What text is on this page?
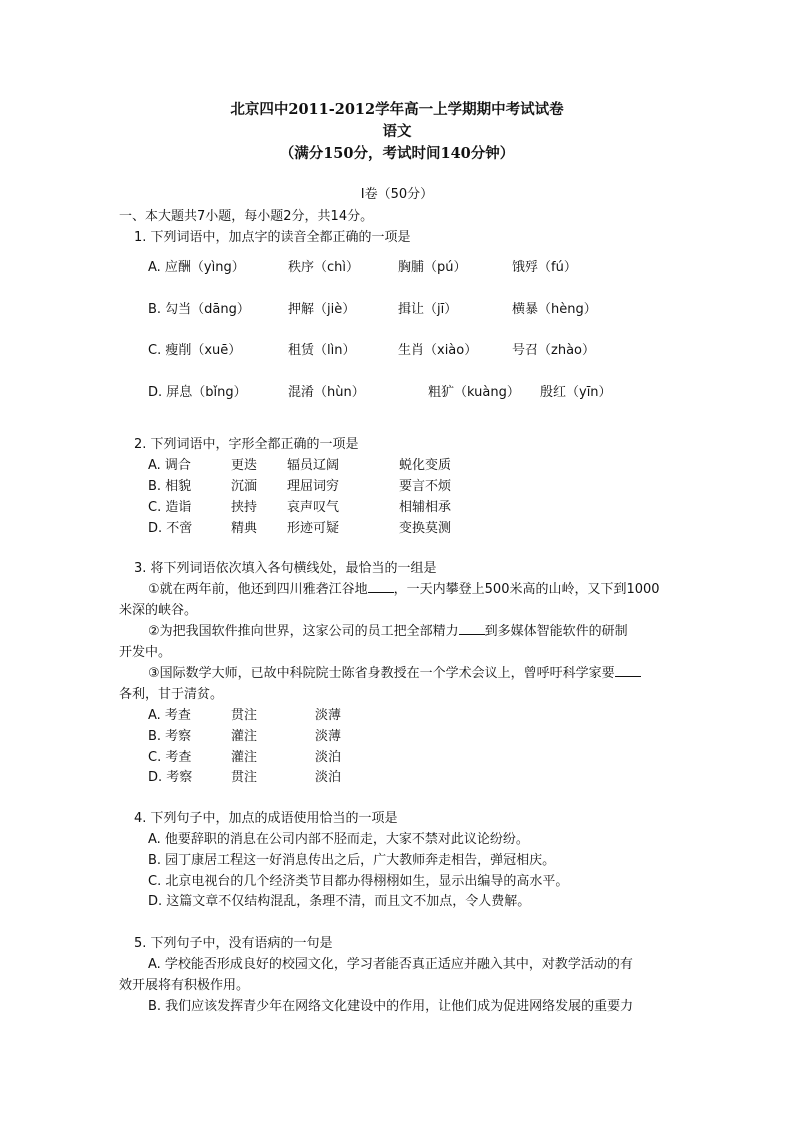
北京四中2011-2012学年高一上学期期中考试试卷
语文
（满分150分，考试时间140分钟）
Ⅰ卷（50分）
一、本大题共7小题，每小题2分，共14分。
1. 下列词语中，加点字的读音全都正确的一项是
A. 应酬（yìng）	秩序（chì）	胸脯（pú）	饿殍（fú）
B. 勾当（dāng）	押解（jiè）	揖让（jī）	横暴（hèng）
C. 瘦削（xuē）	租赁（lìn）	生肖（xiào）	号召（zhào）
D. 屏息（bǐng）	混淆（hùn）	粗犷（kuàng） 殷红（yīn）
2. 下列词语中，字形全都正确的一项是
A. 调合	更迭 辐员辽阔	蜕化变质
B. 相貌	沉湎 理屈词穷	要言不烦
C. 造诣	挟持 哀声叹气	相辅相承
D. 不啻	精典 形迹可疑	变换莫测
3. 将下列词语依次填入各句横线处，最恰当的一组是
①就在两年前，他还到四川雅砻江谷地 ，一天内攀登上500米高的山岭，又下到1000
米深的峡谷。
②为把我国软件推向世界，这家公司的员工把全部精力 到多媒体智能软件的研制
开发中。
③国际数学大师，已故中科院院士陈省身教授在一个学术会议上，曾呼吁科学家要
各利，甘于清贫。
A. 考查	贯注	淡薄
B. 考察	灌注	淡薄
C. 考查	灌注	淡泊
D. 考察	贯注	淡泊
4. 下列句子中，加点的成语使用恰当的一项是
A. 他要辞职的消息在公司内部不胫而走，大家不禁对此议论纷纷。
B. 园丁康居工程这一好消息传出之后，广大教师奔走相告，弹冠相庆。
C. 北京电视台的几个经济类节目都办得栩栩如生，显示出编导的高水平。
D. 这篇文章不仅结构混乱，条理不清，而且文不加点，令人费解。
5. 下列句子中，没有语病的一句是
A. 学校能否形成良好的校园文化，学习者能否真正适应并融入其中，对教学活动的有
效开展将有积极作用。
B. 我们应该发挥青少年在网络文化建设中的作用，让他们成为促进网络发展的重要力
